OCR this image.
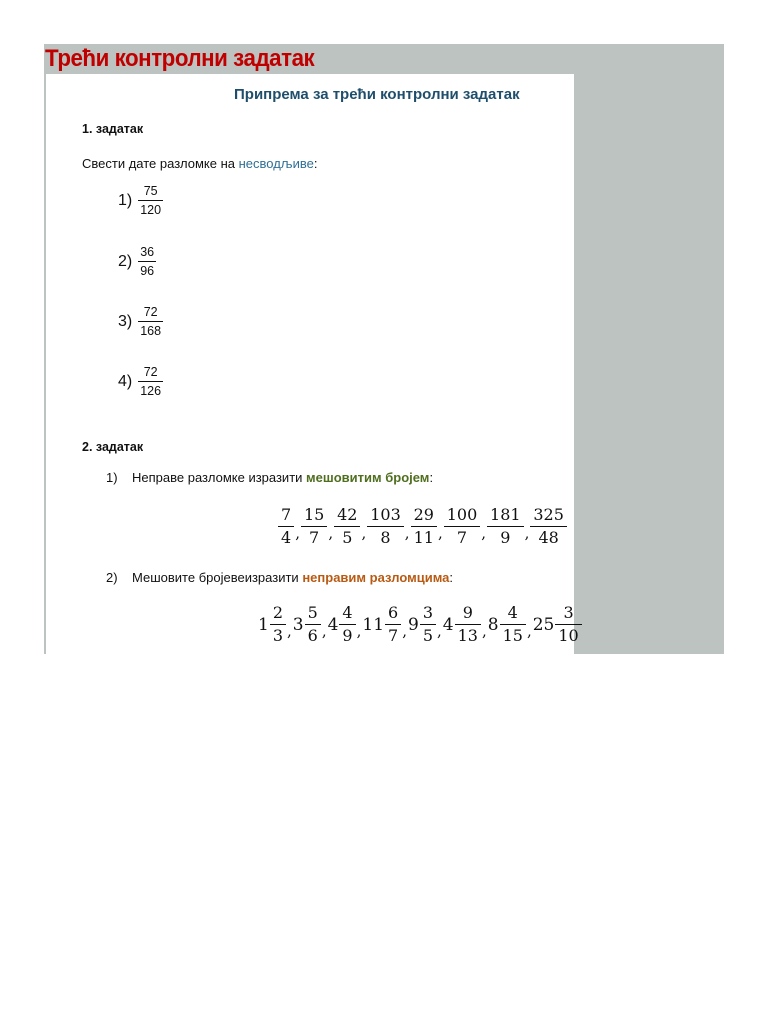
Трећи контролни задатак
Припрема за трећи контролни задатак
1. задатак
Свести дате разломке на несводљиве:
$1) \frac{75}{120}$
$2) \frac{36}{96}$
$3) \frac{72}{168}$
$4) \frac{72}{126}$
2. задатак
1) Неправе разломке изразити мешовитим бројем:
$\frac{7}{4}$ , $\frac{15}{7}$ , $\frac{42}{5}$ , $\frac{103}{8}$ , $\frac{29}{11}$ , $\frac{100}{7}$ , $\frac{181}{9}$ , $\frac{325}{48}$
2) Мешовите бројевеизразити неправим разломцима:
$1 \frac{2}{3}$ , $3 \frac{5}{6}$ , $4 \frac{4}{9}$ , $11 \frac{6}{7}$ , $9 \frac{3}{5}$ , $4 \frac{9}{13}$ , $8 \frac{4}{15}$ , $25 \frac{3}{10}$
